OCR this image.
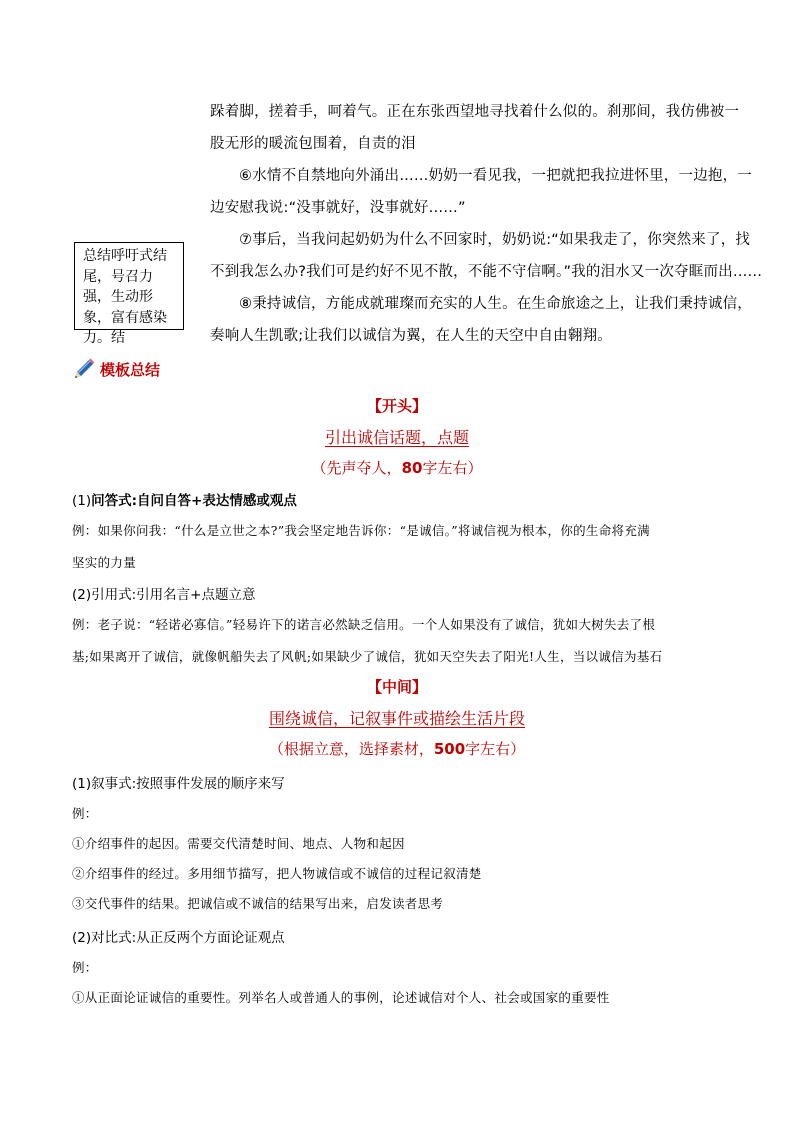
跺着脚，搓着手，呵着气。正在东张西望地寻找着什么似的。刹那间，我仿佛被一

股无形的暖流包围着，自责的泪

⑥水情不自禁地向外涌出……奶奶一看见我，一把就把我拉进怀里，一边抱，一

边安慰我说:“没事就好，没事就好……”

⑦事后，当我问起奶奶为什么不回家时，奶奶说:“如果我走了，你突然来了，找

不到我怎么办?我们可是约好不见不散，不能不守信啊。”我的泪水又一次夺眶而出……

⑧秉持诚信，方能成就璀璨而充实的人生。在生命旅途之上，让我们秉持诚信，

奏响人生凯歌;让我们以诚信为翼，在人生的天空中自由翱翔。

总结呼吁式结尾，号召力强，生动形象，富有感染力。结
模板总结
【开头】
引出诚信话题，点题
（先声夺人，80字左右）
(1)问答式:自问自答+表达情感或观点
例：如果你问我：“什么是立世之本?”我会坚定地告诉你：“是诚信。”将诚信视为根本，你的生命将充满
坚实的力量
(2)引用式:引用名言+点题立意
例：老子说：“轻诺必寡信。”轻易许下的诺言必然缺乏信用。一个人如果没有了诚信，犹如大树失去了根
基;如果离开了诚信，就像帆船失去了风帆;如果缺少了诚信，犹如天空失去了阳光!人生，当以诚信为基石
【中间】
围绕诚信，记叙事件或描绘生活片段
（根据立意，选择素材，500字左右）
(1)叙事式:按照事件发展的顺序来写
例：
①介绍事件的起因。需要交代清楚时间、地点、人物和起因
②介绍事件的经过。多用细节描写，把人物诚信或不诚信的过程记叙清楚
③交代事件的结果。把诚信或不诚信的结果写出来，启发读者思考
(2)对比式:从正反两个方面论证观点
例：
①从正面论证诚信的重要性。列举名人或普通人的事例，论述诚信对个人、社会或国家的重要性
